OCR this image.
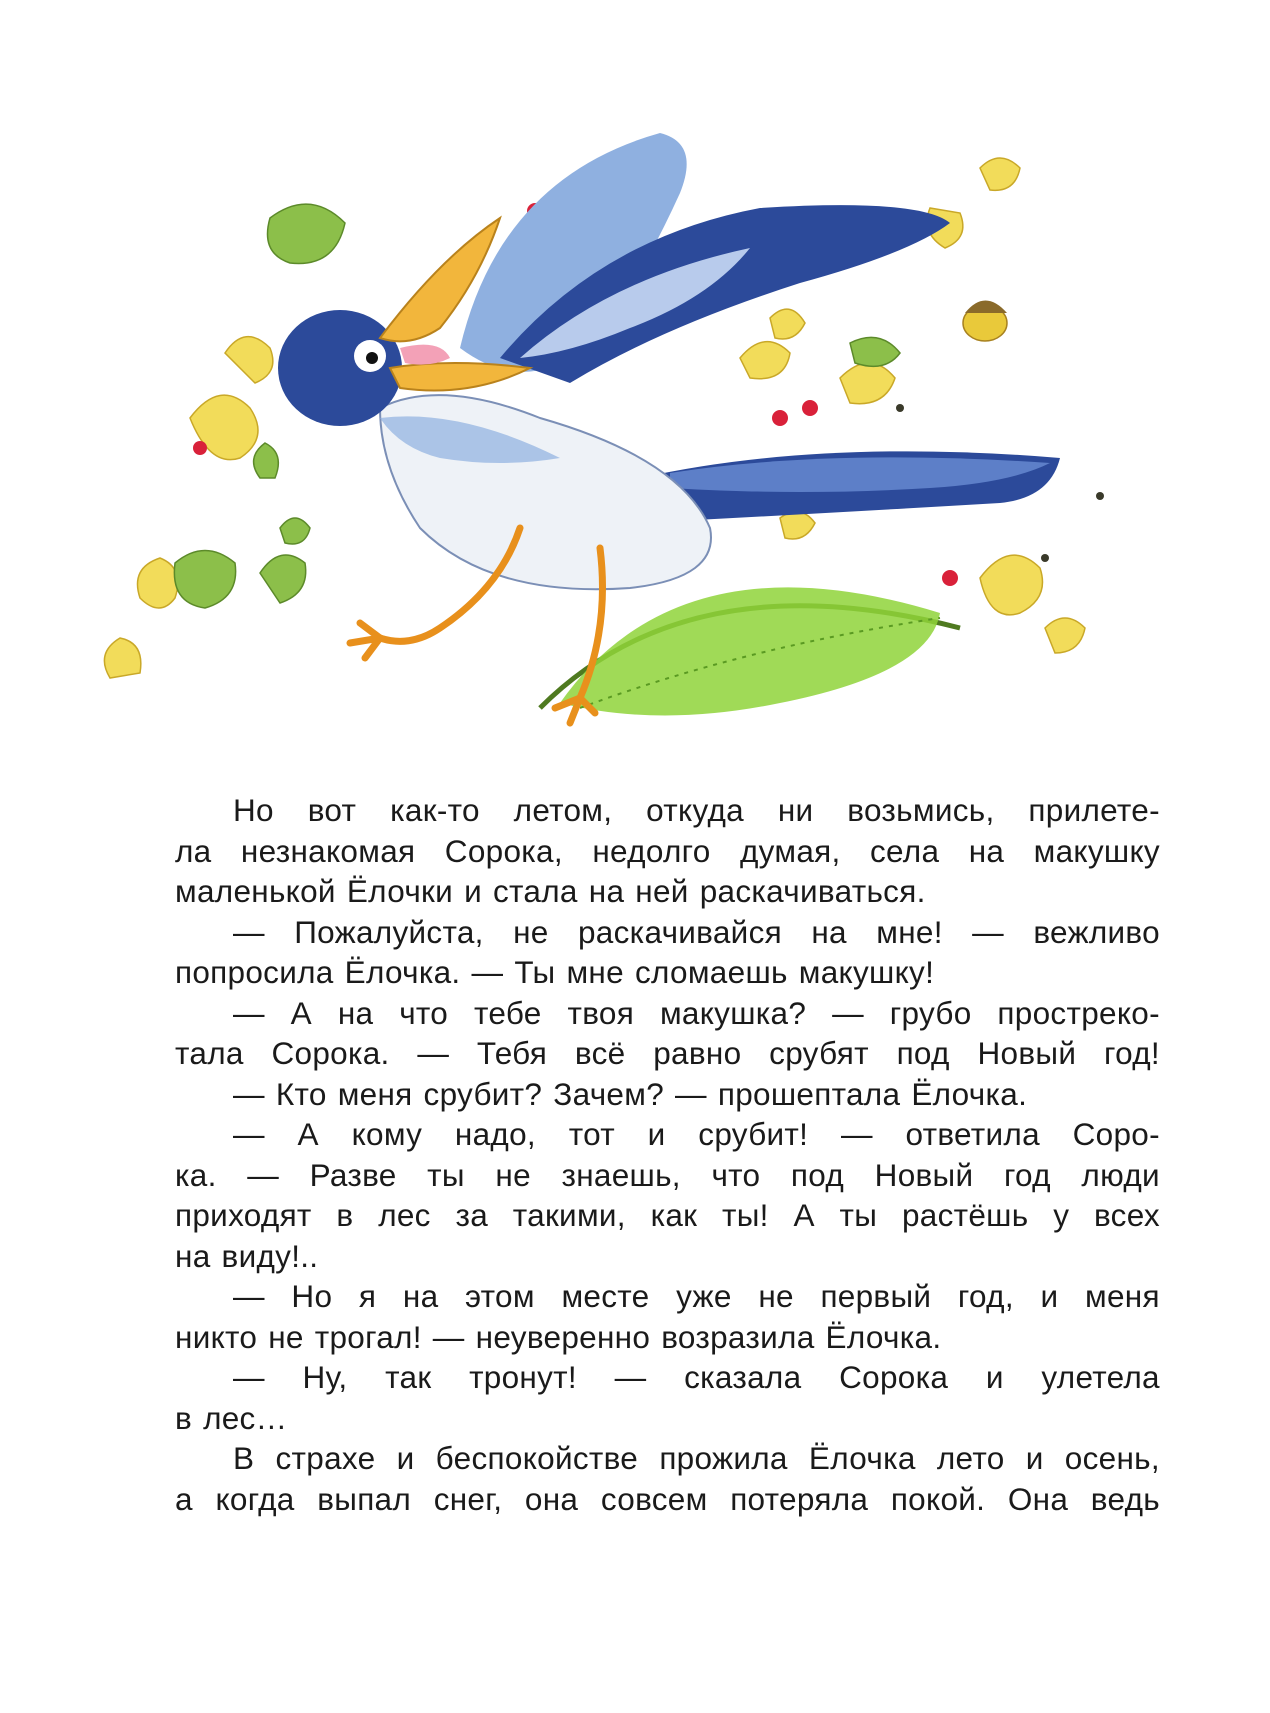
Но вот как-то летом, откуда ни возьмись, прилете-
ла незнакомая Сорока, недолго думая, села на макушку
маленькой Ёлочки и стала на ней раскачиваться.
— Пожалуйста, не раскачивайся на мне! — вежливо
попросила Ёлочка. — Ты мне сломаешь макушку!
— А на что тебе твоя макушка? — грубо простреко-
тала Сорока. — Тебя всё равно срубят под Новый год!
— Кто меня срубит? Зачем? — прошептала Ёлочка.
— А кому надо, тот и срубит! — ответила Соро-
ка. — Разве ты не знаешь, что под Новый год люди
приходят в лес за такими, как ты! А ты растёшь у всех
на виду!..
— Но я на этом месте уже не первый год, и меня
никто не трогал! — неуверенно возразила Ёлочка.
— Ну, так тронут! — сказала Сорока и улетела
в лес…
В страхе и беспокойстве прожила Ёлочка лето и осень,
а когда выпал снег, она совсем потеряла покой. Она ведь
